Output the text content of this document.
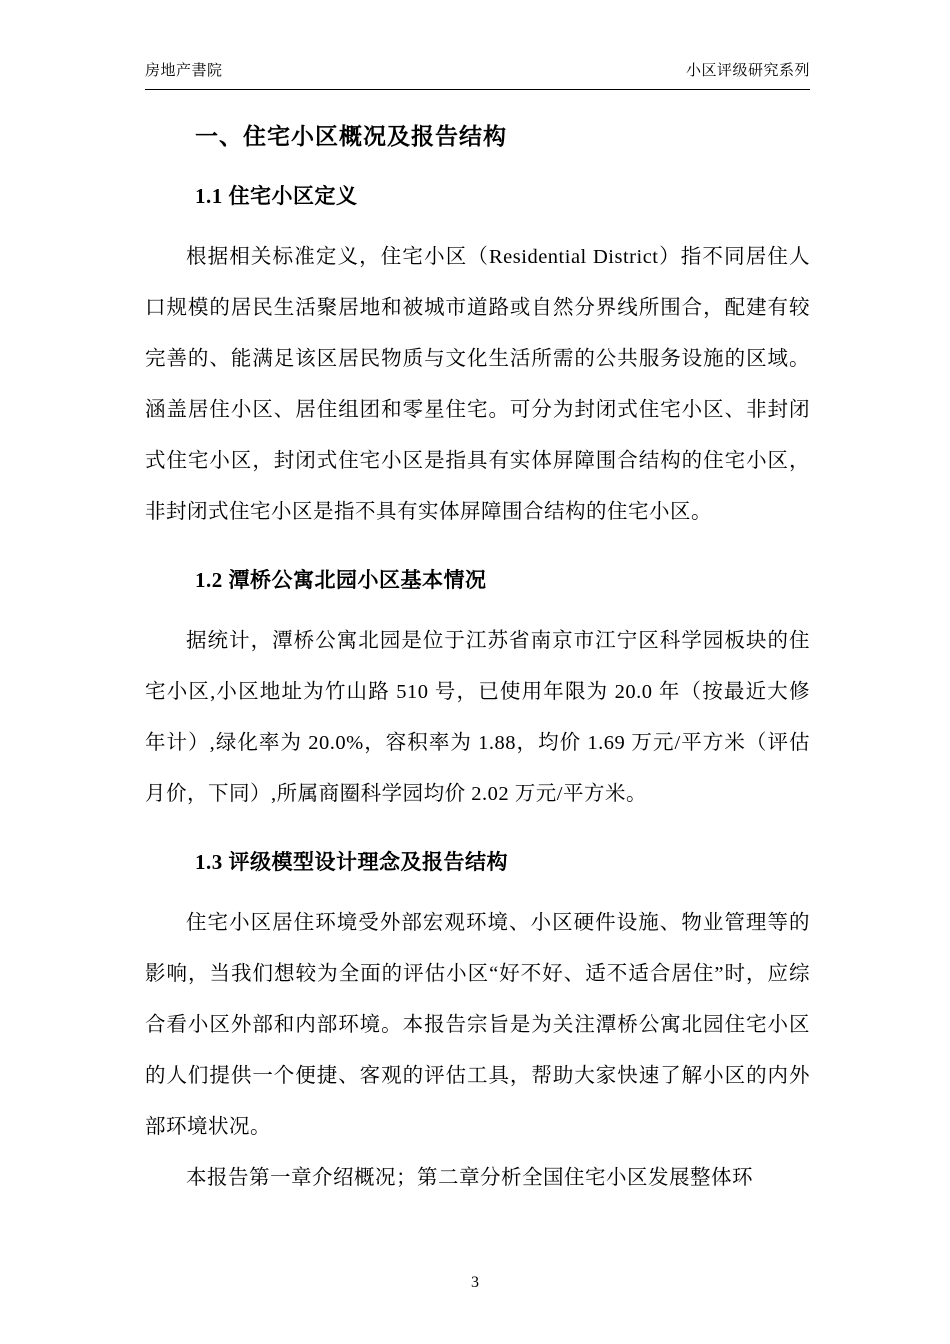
房地产書院	小区评级研究系列
一、住宅小区概况及报告结构
1.1 住宅小区定义

根据相关标准定义，住宅小区（Residential District）指不同居住人口规模的居民生活聚居地和被城市道路或自然分界线所围合，配建有较完善的、能满足该区居民物质与文化生活所需的公共服务设施的区域。涵盖居住小区、居住组团和零星住宅。可分为封闭式住宅小区、非封闭式住宅小区，封闭式住宅小区是指具有实体屏障围合结构的住宅小区，非封闭式住宅小区是指不具有实体屏障围合结构的住宅小区。

1.2 潭桥公寓北园小区基本情况

据统计，潭桥公寓北园是位于江苏省南京市江宁区科学园板块的住宅小区,小区地址为竹山路 510 号，已使用年限为 20.0 年（按最近大修年计）,绿化率为 20.0%，容积率为 1.88，均价 1.69 万元/平方米（评估月价，下同）,所属商圈科学园均价 2.02 万元/平方米。

1.3 评级模型设计理念及报告结构

住宅小区居住环境受外部宏观环境、小区硬件设施、物业管理等的影响，当我们想较为全面的评估小区“好不好、适不适合居住”时，应综合看小区外部和内部环境。本报告宗旨是为关注潭桥公寓北园住宅小区的人们提供一个便捷、客观的评估工具，帮助大家快速了解小区的内外部环境状况。

本报告第一章介绍概况；第二章分析全国住宅小区发展整体环

3
